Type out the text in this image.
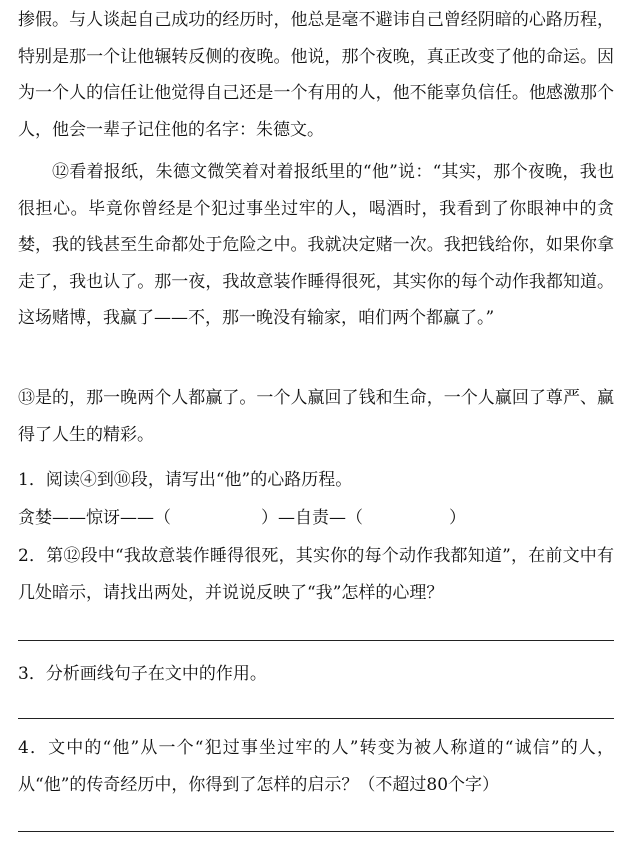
掺假。与人谈起自己成功的经历时，他总是毫不避讳自己曾经阴暗的心路历程，特别是那一个让他辗转反侧的夜晚。他说，那个夜晚，真正改变了他的命运。因为一个人的信任让他觉得自己还是一个有用的人，他不能辜负信任。他感激那个人，他会一辈子记住他的名字：朱德文。

⑫看着报纸，朱德文微笑着对着报纸里的“他”说：“其实，那个夜晚，我也很担心。毕竟你曾经是个犯过事坐过牢的人，喝酒时，我看到了你眼神中的贪婪，我的钱甚至生命都处于危险之中。我就决定赌一次。我把钱给你，如果你拿走了，我也认了。那一夜，我故意装作睡得很死，其实你的每个动作我都知道。这场赌博，我赢了——不，那一晚没有输家，咱们两个都赢了。”

⑬是的，那一晚两个人都赢了。一个人赢回了钱和生命，一个人赢回了尊严、赢得了人生的精彩。

1．阅读④到⑩段，请写出“他”的心路历程。
贪婪——惊讶——（	）—自责—（	）

2．第⑫段中“我故意装作睡得很死，其实你的每个动作我都知道”，在前文中有几处暗示，请找出两处，并说说反映了“我”怎样的心理？

3．分析画线句子在文中的作用。

4．文中的“他”从一个“犯过事坐过牢的人”转变为被人称道的“诚信”的人，从“他”的传奇经历中，你得到了怎样的启示？（不超过80个字）
